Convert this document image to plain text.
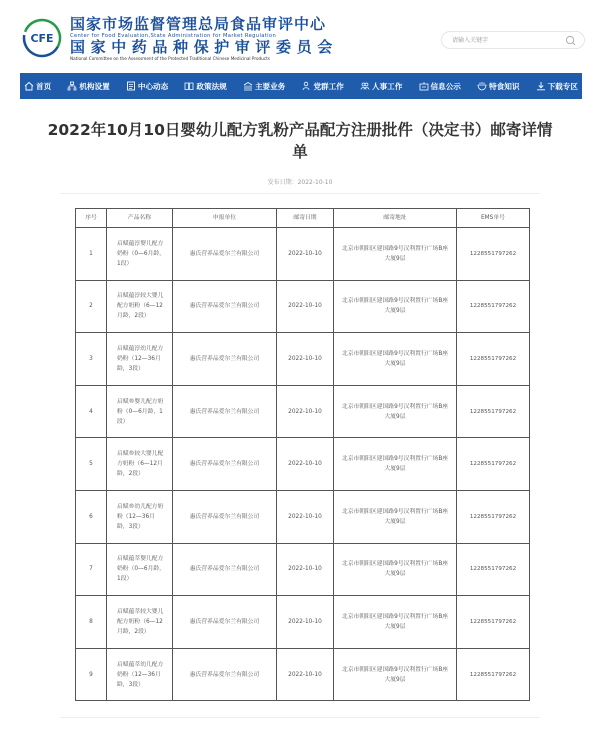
CFE
国家市场监督管理总局食品审评中心
Center for Food Evaluation,State Administration for Market Regulation
国家中药品种保护审评委员会
National Committee on the Assessment of the Protected Traditional Chinese Medicinal Products
请输入关键字
首页	机构设置	中心动态	政策法规	主要业务	党群工作	人事工作	信息公示	特食知识	下载专区
2022年10月10日婴幼儿配方乳粉产品配方注册批件（决定书）邮寄详情单
发布日期：2022-10-10
序号	产品名称	申报单位	邮寄日期	邮寄地址	EMS单号
1	启赋蕴淳婴儿配方奶粉（0—6月龄，1段）	惠氏营养品爱尔兰有限公司	2022-10-10	北京市朝阳区建国路9号汉利置行广场B座大厦9层	1228551797262
2	启赋蕴淳较大婴儿配方奶粉（6—12月龄，2段）	惠氏营养品爱尔兰有限公司	2022-10-10	北京市朝阳区建国路9号汉利置行广场B座大厦9层	1228551797262
3	启赋蕴淳幼儿配方奶粉（12—36月龄，3段）	惠氏营养品爱尔兰有限公司	2022-10-10	北京市朝阳区建国路9号汉利置行广场B座大厦9层	1228551797262
4	启赋®婴儿配方奶粉（0—6月龄，1段）	惠氏营养品爱尔兰有限公司	2022-10-10	北京市朝阳区建国路9号汉利置行广场B座大厦9层	1228551797262
5	启赋®较大婴儿配方奶粉（6—12月龄，2段）	惠氏营养品爱尔兰有限公司	2022-10-10	北京市朝阳区建国路9号汉利置行广场B座大厦9层	1228551797262
6	启赋®幼儿配方奶粉（12—36月龄，3段）	惠氏营养品爱尔兰有限公司	2022-10-10	北京市朝阳区建国路9号汉利置行广场B座大厦9层	1228551797262
7	启赋蕴萃婴儿配方奶粉（0—6月龄，1段）	惠氏营养品爱尔兰有限公司	2022-10-10	北京市朝阳区建国路9号汉利置行广场B座大厦9层	1228551797262
8	启赋蕴萃较大婴儿配方奶粉（6—12月龄，2段）	惠氏营养品爱尔兰有限公司	2022-10-10	北京市朝阳区建国路9号汉利置行广场B座大厦9层	1228551797262
9	启赋蕴萃幼儿配方奶粉（12—36月龄，3段）	惠氏营养品爱尔兰有限公司	2022-10-10	北京市朝阳区建国路9号汉利置行广场B座大厦9层	1228551797262
